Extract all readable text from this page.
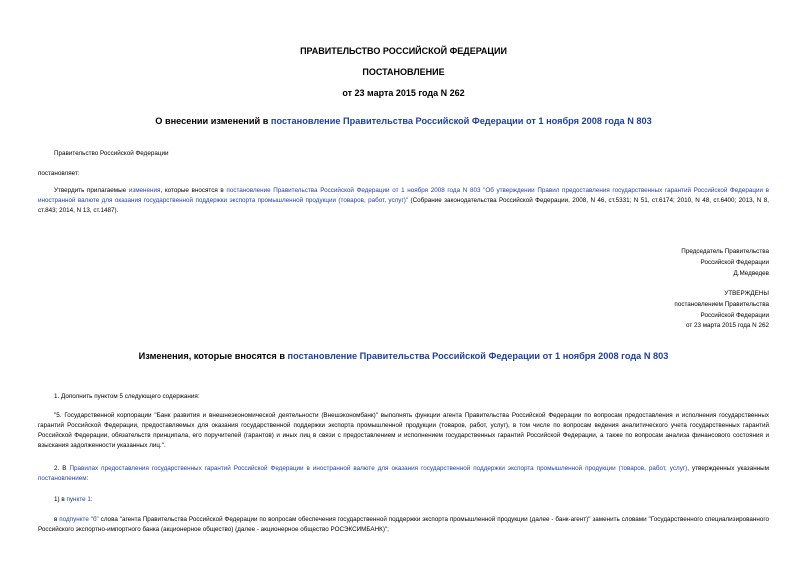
ПРАВИТЕЛЬСТВО РОССИЙСКОЙ ФЕДЕРАЦИИ
ПОСТАНОВЛЕНИЕ
от 23 марта 2015 года N 262
О внесении изменений в постановление Правительства Российской Федерации от 1 ноября 2008 года N 803
Правительство Российской Федерации
постановляет:
Утвердить прилагаемые изменения, которые вносятся в постановление Правительства Российской Федерации от 1 ноября 2008 года N 803 "Об утверждении Правил предоставления государственных гарантий Российской Федерации в иностранной валюте для оказания государственной поддержки экспорта промышленной продукции (товаров, работ, услуг)" (Собрание законодательства Российской Федерации, 2008, N 46, ст.5331; N 51, ст.6174; 2010, N 48, ст.6400; 2013, N 8, ст.843; 2014, N 13, ст.1487).
Председатель Правительства
Российской Федерации
Д.Медведев
УТВЕРЖДЕНЫ
постановлением Правительства
Российской Федерации
от 23 марта 2015 года N 262
Изменения, которые вносятся в постановление Правительства Российской Федерации от 1 ноября 2008 года N 803
1. Дополнить пунктом 5 следующего содержания:
"5. Государственной корпорации "Банк развития и внешнеэкономической деятельности (Внешэкономбанк)" выполнять функции агента Правительства Российской Федерации по вопросам предоставления и исполнения государственных гарантий Российской Федерации, предоставляемых для оказания государственной поддержки экспорта промышленной продукции (товаров, работ, услуг), в том числе по вопросам ведения аналитического учета государственных гарантий Российской Федерации, обязательств принципала, его поручителей (гарантов) и иных лиц в связи с предоставлением и исполнением государственных гарантий Российской Федерации, а также по вопросам анализа финансового состояния и взыскания задолженности указанных лиц.".
2. В Правилах предоставления государственных гарантий Российской Федерации в иностранной валюте для оказания государственной поддержки экспорта промышленной продукции (товаров, работ, услуг), утвержденных указанным постановлением:
1) в пункте 1:
в подпункте "б" слова "агента Правительства Российской Федерации по вопросам обеспечения государственной поддержки экспорта промышленной продукции (далее - банк-агент)" заменить словами "Государственного специализированного Российского экспортно-импортного банка (акционерное общество) (далее - акционерное общество РОСЭКСИМБАНК)";
